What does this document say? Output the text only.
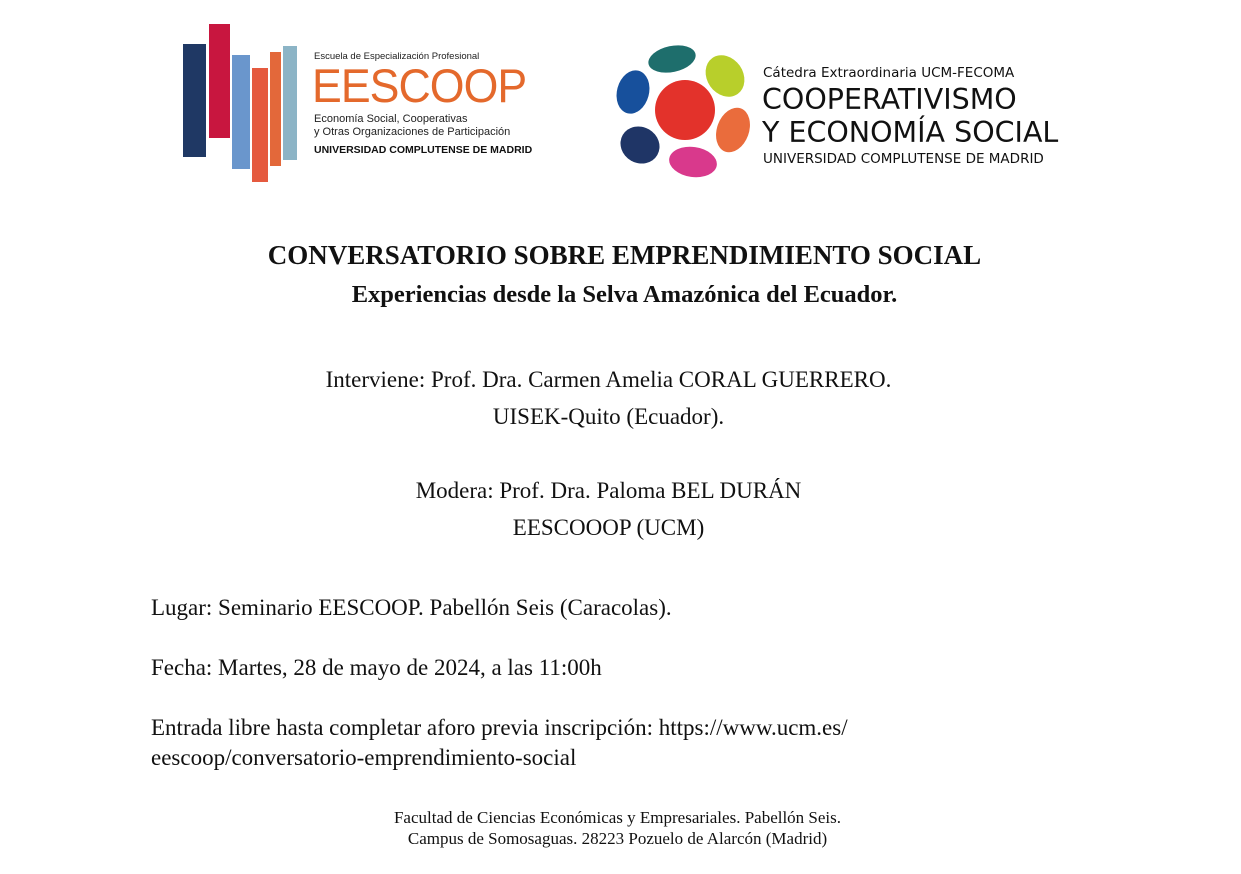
Escuela de Especialización Profesional
EESCOOP
Economía Social, Cooperativas
y Otras Organizaciones de Participación
UNIVERSIDAD COMPLUTENSE DE MADRID
Cátedra Extraordinaria UCM-FECOMA
COOPERATIVISMO
Y ECONOMÍA SOCIAL
UNIVERSIDAD COMPLUTENSE DE MADRID
CONVERSATORIO SOBRE EMPRENDIMIENTO SOCIAL
Experiencias desde la Selva Amazónica del Ecuador.
Interviene: Prof. Dra. Carmen Amelia CORAL GUERRERO.
UISEK-Quito (Ecuador).
Modera: Prof. Dra. Paloma BEL DURÁN
EESCOOOP (UCM)
Lugar: Seminario EESCOOP. Pabellón Seis (Caracolas).
Fecha: Martes, 28 de mayo de 2024, a las 11:00h
Entrada libre hasta completar aforo previa inscripción: https://www.ucm.es/
eescoop/conversatorio-emprendimiento-social
Facultad de Ciencias Económicas y Empresariales. Pabellón Seis.
Campus de Somosaguas. 28223 Pozuelo de Alarcón (Madrid)
